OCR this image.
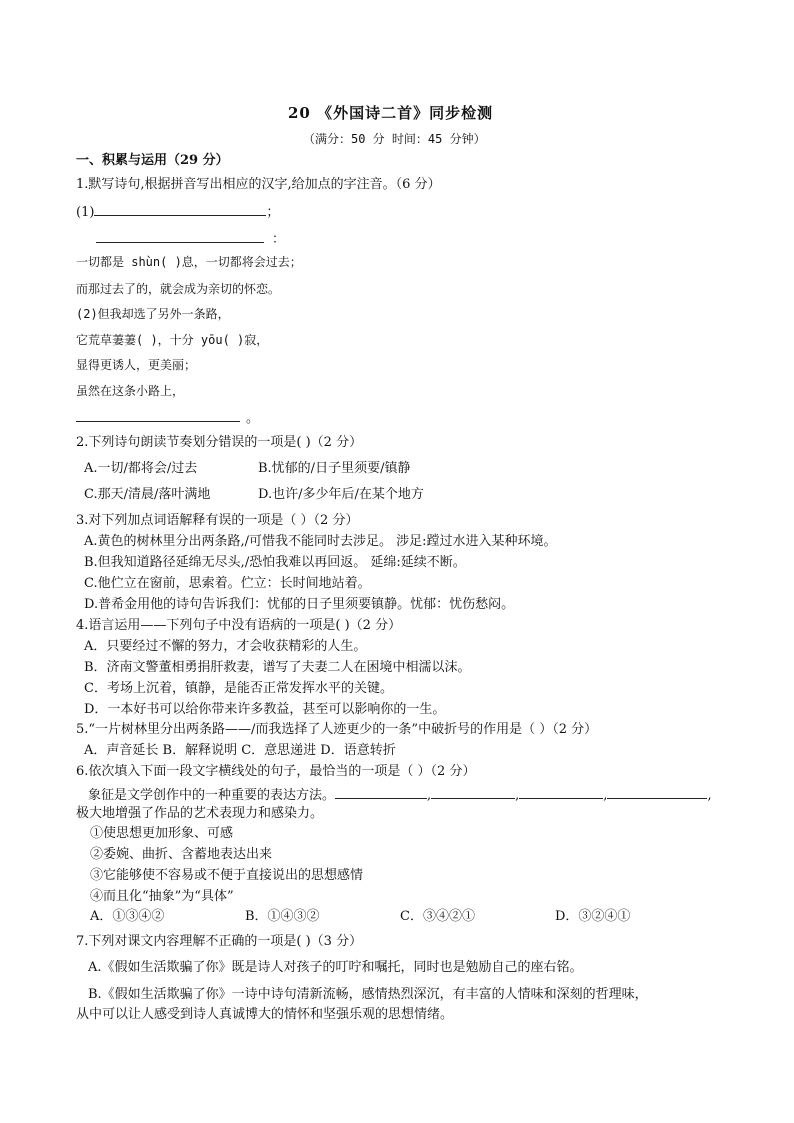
20 《外国诗二首》同步检测
（满分：50 分 时间：45 分钟）
一、积累与运用（29 分）
1.默写诗句,根据拼音写出相应的汉字,给加点的字注音。（6 分）
(1)	；
：
一切都是 shùn( )息，一切都将会过去；
而那过去了的，就会成为亲切的怀恋。
(2)但我却选了另外一条路，
它荒草萋萋( )，十分 yōu( )寂，
显得更诱人，更美丽；
虽然在这条小路上，
。
2.下列诗句朗读节奏划分错误的一项是( )（2 分）
A.一切/都将会/过去	B.忧郁的/日子里须要/镇静
C.那天/清晨/落叶满地	D.也许/多少年后/在某个地方
3.对下列加点词语解释有误的一项是（ ）（2 分）
A.黄色的树林里分出两条路,/可惜我不能同时去涉足。 涉足:蹚过水进入某种环境。
B.但我知道路径延绵无尽头,/恐怕我难以再回返。 延绵:延续不断。
C.他伫立在窗前，思索着。伫立：长时间地站着。
D.普希金用他的诗句告诉我们：忧郁的日子里须要镇静。忧郁：忧伤愁闷。
4.语言运用——下列句子中没有语病的一项是( )（2 分）
A．只要经过不懈的努力，才会收获精彩的人生。
B．济南文警董相勇捐肝救妻，谱写了夫妻二人在困境中相濡以沫。
C．考场上沉着，镇静，是能否正常发挥水平的关键。
D．一本好书可以给你带来许多教益，甚至可以影响你的一生。
5.“一片树林里分出两条路——/而我选择了人迹更少的一条”中破折号的作用是（ ）（2 分）
A．声音延长 B．解释说明 C．意思递进 D．语意转折
6.依次填入下面一段文字横线处的句子，最恰当的一项是（ ）（2 分）
象征是文学创作中的一种重要的表达方法。	,	,	,	,
极大地增强了作品的艺术表现力和感染力。
①使思想更加形象、可感
②委婉、曲折、含蓄地表达出来
③它能够使不容易或不便于直接说出的思想感情
④而且化“抽象”为“具体”
A．①③④②	B．①④③②	C．③④②①	D．③②④①
7.下列对课文内容理解不正确的一项是( )（3 分）
A.《假如生活欺骗了你》既是诗人对孩子的叮咛和嘱托，同时也是勉励自己的座右铭。
B.《假如生活欺骗了你》一诗中诗句清新流畅，感情热烈深沉，有丰富的人情味和深刻的哲理味，
从中可以让人感受到诗人真诚博大的情怀和坚强乐观的思想情绪。
